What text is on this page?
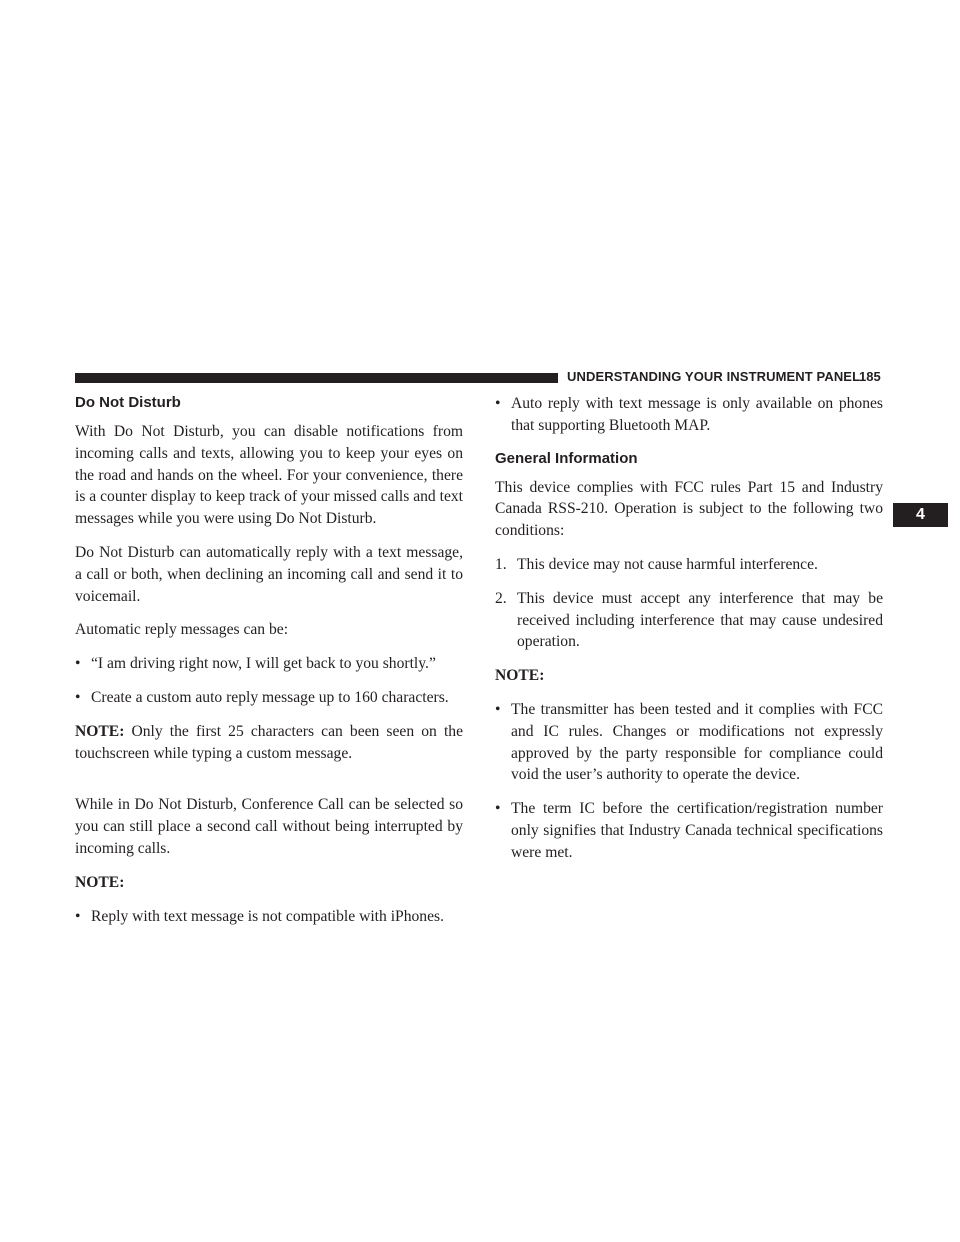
UNDERSTANDING YOUR INSTRUMENT PANEL
185
4
Do Not Disturb

With Do Not Disturb, you can disable notifications from incoming calls and texts, allowing you to keep your eyes on the road and hands on the wheel. For your convenience, there is a counter display to keep track of your missed calls and text messages while you were using Do Not Disturb.

Do Not Disturb can automatically reply with a text message, a call or both, when declining an incoming call and send it to voicemail.

Automatic reply messages can be:

• “I am driving right now, I will get back to you shortly.”
• Create a custom auto reply message up to 160 characters.

NOTE: Only the first 25 characters can been seen on the touchscreen while typing a custom message.

While in Do Not Disturb, Conference Call can be selected so you can still place a second call without being interrupted by incoming calls.

NOTE:
• Reply with text message is not compatible with iPhones.
• Auto reply with text message is only available on phones that supporting Bluetooth MAP.
General Information

This device complies with FCC rules Part 15 and Industry Canada RSS-210. Operation is subject to the following two conditions:

1. This device may not cause harmful interference.
2. This device must accept any interference that may be received including interference that may cause undesired operation.
NOTE:
• The transmitter has been tested and it complies with FCC and IC rules. Changes or modifications not expressly approved by the party responsible for compliance could void the user’s authority to operate the device.
• The term IC before the certification/registration number only signifies that Industry Canada technical specifications were met.
